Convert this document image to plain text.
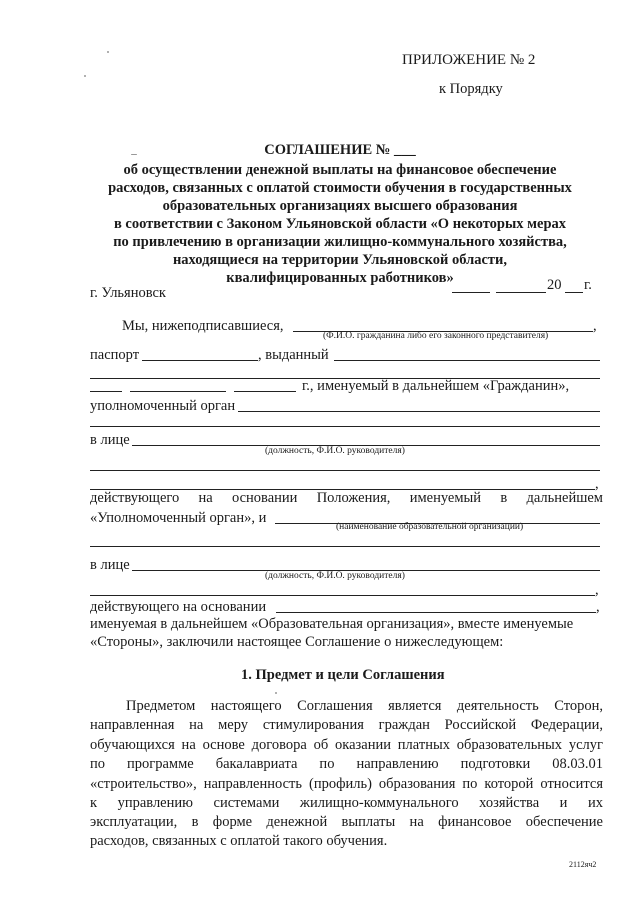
ПРИЛОЖЕНИЕ № 2
к Порядку
СОГЛАШЕНИЕ № ___
об осуществлении денежной выплаты на финансовое обеспечение
расходов, связанных с оплатой стоимости обучения в государственных
образовательных организациях высшего образования
в соответствии с Законом Ульяновской области «О некоторых мерах
по привлечению в организации жилищно-коммунального хозяйства,
находящиеся на территории Ульяновской области,
квалифицированных работников»
г. Ульяновск	20 г.
Мы, нижеподписавшиеся,	,
(Ф.И.О. гражданина либо его законного представителя)
паспорт	, выданный
г., именуемый в дальнейшем «Гражданин»,
уполномоченный орган
в лице
(должность, Ф.И.О. руководителя)
,
действующего на основании Положения, именуемый в дальнейшем
«Уполномоченный орган», и
(наименование образовательной организации)
в лице
(должность, Ф.И.О. руководителя)
,
действующего на основании	,
именуемая в дальнейшем «Образовательная организация», вместе именуемые
«Стороны», заключили настоящее Соглашение о нижеследующем:
1. Предмет и цели Соглашения
Предметом настоящего Соглашения является деятельность Сторон,
направленная на меру стимулирования граждан Российской Федерации,
обучающихся на основе договора об оказании платных образовательных услуг
по программе бакалавриата по направлению подготовки 08.03.01
«строительство», направленность (профиль) образования по которой относится
к управлению системами жилищно-коммунального хозяйства и их
эксплуатации, в форме денежной выплаты на финансовое обеспечение
расходов, связанных с оплатой такого обучения.
2112яч2
